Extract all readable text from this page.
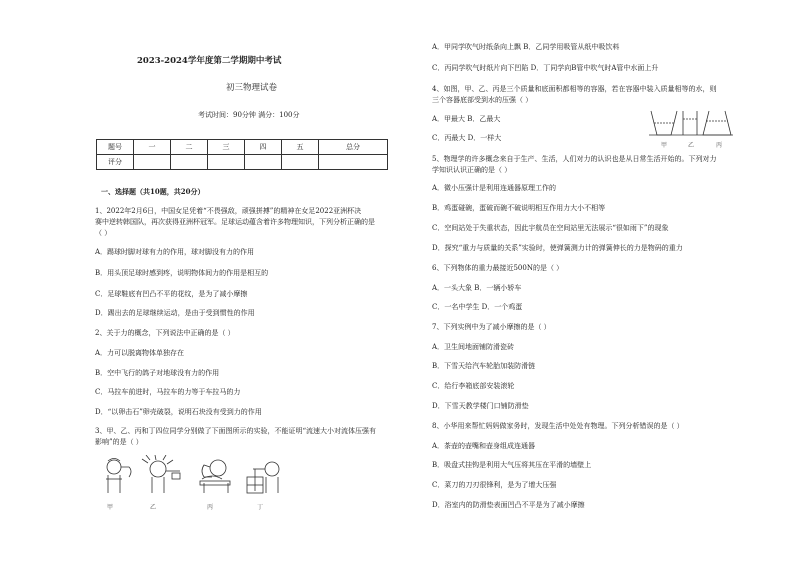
2023-2024学年度第二学期期中考试
初三物理试卷
考试时间：90分钟 满分：100分
题号	一	二	三	四	五	总分
评分						
一、选择题（共10题，共20分）
1、2022年2月6日，中国女足凭着“不畏强敌，顽强拼搏”的精神在女足2022亚洲杯决
赛中逆转韩国队，再次获得亚洲杯冠军。足球运动蕴含着许多物理知识，下列分析正确的是
（ ）
A．踢球时脚对球有力的作用，球对脚没有力的作用
B．用头顶足球时感到疼，说明物体间力的作用是相互的
C．足球鞋底有凹凸不平的花纹，是为了减小摩擦
D．踢出去的足球继续运动，是由于受到惯性的作用
2、关于力的概念，下列说法中正确的是（ ）
A．力可以脱离物体单独存在
B．空中飞行的鸽子对地球没有力的作用
C．马拉车前进时，马拉车的力等于车拉马的力
D．“以卵击石”卵壳破裂，说明石块没有受到力的作用
3、甲、乙、丙和丁四位同学分别做了下面图所示的实验，不能证明“流速大小对流体压强有
影响”的是（ ）
甲	乙	丙	丁
A．甲同学吹气时纸条向上飘 B．乙同学用吸管从纸中吸饮料
C．丙同学吹气时纸片向下凹陷 D．丁同学向B管中吹气时A管中水面上升
4、如图，甲、乙、丙是三个质量和底面积都相等的容器，若在容器中装入质量相等的水，则
三个容器底部受到水的压强（ ）
A．甲最大 B．乙最大
C．丙最大 D．一样大
甲	乙	丙
5、物理学的许多概念来自于生产、生活，人们对力的认识也是从日常生活开始的。下列对力
学知识认识正确的是（ ）
A．微小压强计是利用连通器原理工作的
B．鸡蛋碰碗，蛋破而碗不破说明相互作用力大小不相等
C．空间站处于失重状态，因此宇航员在空间站里无法展示“很如雨下”的现象
D．探究“重力与质量的关系”实验时，使弹簧测力计的弹簧伸长的力是物码的重力
6、下列物体的重力最接近500N的是（ ）
A．一头大象 B．一辆小轿车
C．一名中学生 D．一个鸡蛋
7、下列实例中为了减小摩擦的是（ ）
A．卫生间地面铺防滑瓷砖
B．下雪天给汽车轮胎加装防滑链
C．给行李箱底部安装滚轮
D．下雪天教学楼门口铺防滑垫
8、小华用来帮忙妈妈做家务时，发现生活中处处有物理。下列分析错误的是（ ）
A．茶壶的壶嘴和壶身组成连通器
B．吸盘式挂钩是利用大气压将其压在平滑的墙壁上
C．菜刀的刀刃很锋利，是为了增大压强
D．浴室内的防滑垫表面凹凸不平是为了减小摩擦
